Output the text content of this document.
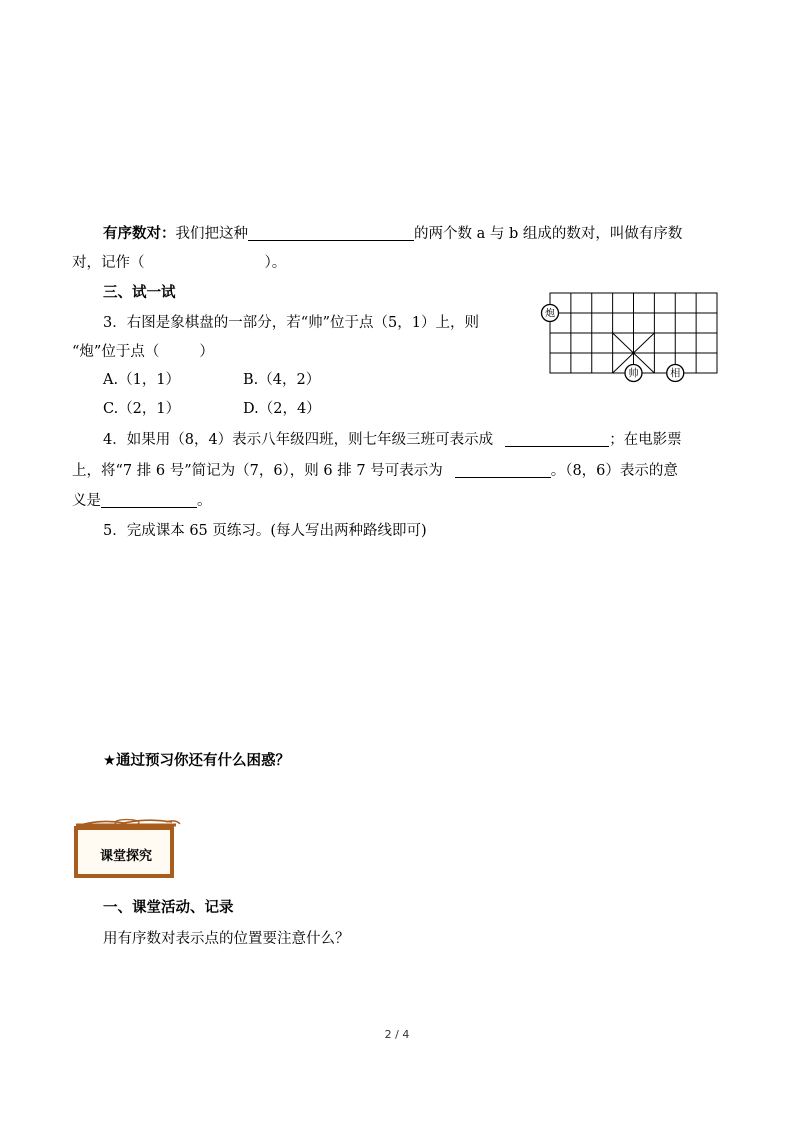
有序数对：我们把这种	的两个数 a 与 b 组成的数对，叫做有序数
对，记作（	）。
三、试一试
3．右图是象棋盘的一部分，若“帅”位于点（5，1）上，则
“炮”位于点（	）
A.（1，1）	B.（4，2）
C.（2，1）	D.（2，4）
炮
帅	相
4．如果用（8，4）表示八年级四班，则七年级三班可表示成	；在电影票
上，将“7 排 6 号”简记为（7，6），则 6 排 7 号可表示为	。（8，6）表示的意
义是	。
5．完成课本 65 页练习。(每人写出两种路线即可)
★通过预习你还有什么困惑？
课堂探究
一、课堂活动、记录
用有序数对表示点的位置要注意什么？
2 / 4
